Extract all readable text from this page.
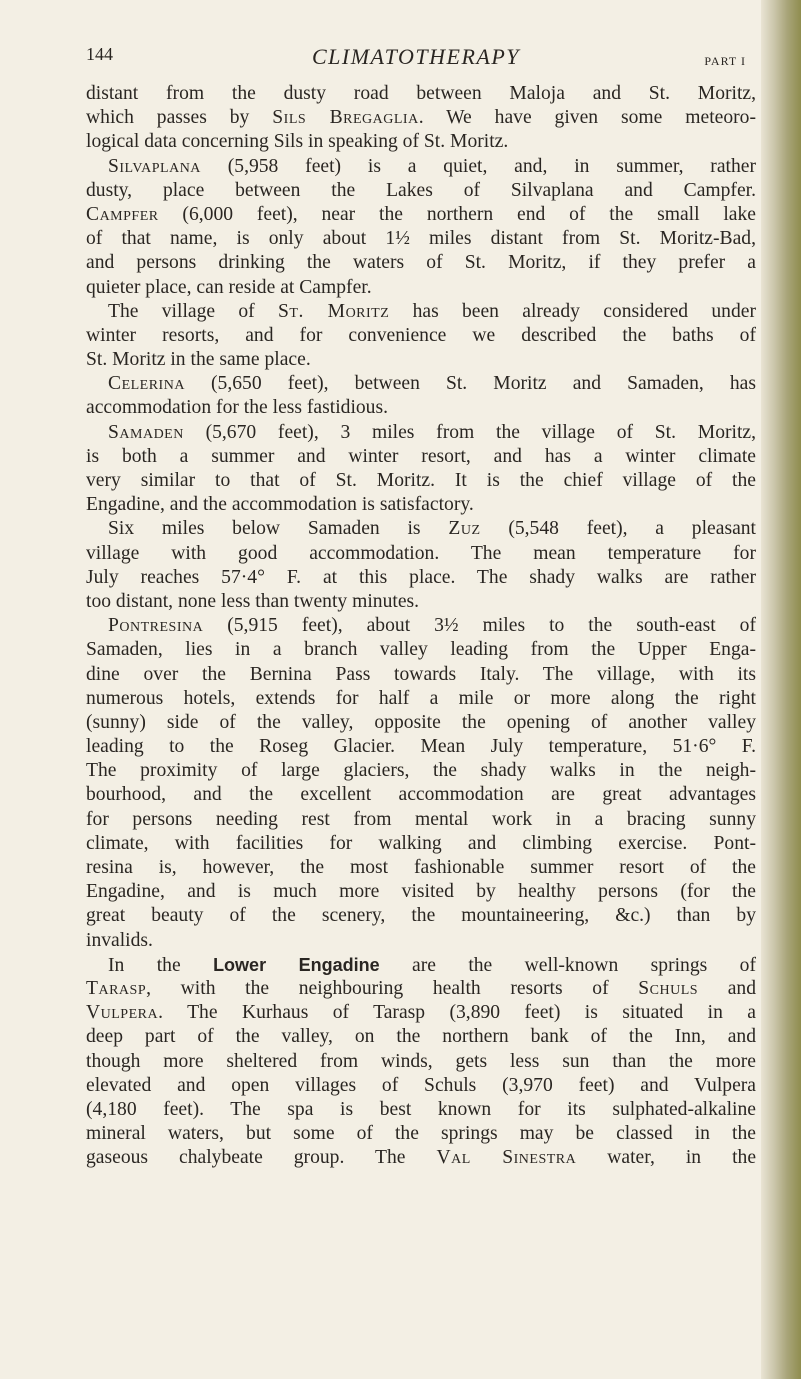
144	CLIMATOTHERAPY	PART I
distant from the dusty road between Maloja and St. Moritz,
which passes by Sils Bregaglia. We have given some meteoro-
logical data concerning Sils in speaking of St. Moritz.
Silvaplana (5,958 feet) is a quiet, and, in summer, rather
dusty, place between the Lakes of Silvaplana and Campfer.
Campfer (6,000 feet), near the northern end of the small lake
of that name, is only about 1½ miles distant from St. Moritz-Bad,
and persons drinking the waters of St. Moritz, if they prefer a
quieter place, can reside at Campfer.
The village of St. Moritz has been already considered under
winter resorts, and for convenience we described the baths of
St. Moritz in the same place.
Celerina (5,650 feet), between St. Moritz and Samaden, has
accommodation for the less fastidious.
Samaden (5,670 feet), 3 miles from the village of St. Moritz,
is both a summer and winter resort, and has a winter climate
very similar to that of St. Moritz. It is the chief village of the
Engadine, and the accommodation is satisfactory.
Six miles below Samaden is Zuz (5,548 feet), a pleasant
village with good accommodation. The mean temperature for
July reaches 57·4° F. at this place. The shady walks are rather
too distant, none less than twenty minutes.
Pontresina (5,915 feet), about 3½ miles to the south-east of
Samaden, lies in a branch valley leading from the Upper Enga-
dine over the Bernina Pass towards Italy. The village, with its
numerous hotels, extends for half a mile or more along the right
(sunny) side of the valley, opposite the opening of another valley
leading to the Roseg Glacier. Mean July temperature, 51·6° F.
The proximity of large glaciers, the shady walks in the neigh-
bourhood, and the excellent accommodation are great advantages
for persons needing rest from mental work in a bracing sunny
climate, with facilities for walking and climbing exercise. Pont-
resina is, however, the most fashionable summer resort of the
Engadine, and is much more visited by healthy persons (for the
great beauty of the scenery, the mountaineering, &c.) than by
invalids.
In the Lower Engadine are the well-known springs of
Tarasp, with the neighbouring health resorts of Schuls and
Vulpera. The Kurhaus of Tarasp (3,890 feet) is situated in a
deep part of the valley, on the northern bank of the Inn, and
though more sheltered from winds, gets less sun than the more
elevated and open villages of Schuls (3,970 feet) and Vulpera
(4,180 feet). The spa is best known for its sulphated-alkaline
mineral waters, but some of the springs may be classed in the
gaseous chalybeate group. The Val Sinestra water, in the
